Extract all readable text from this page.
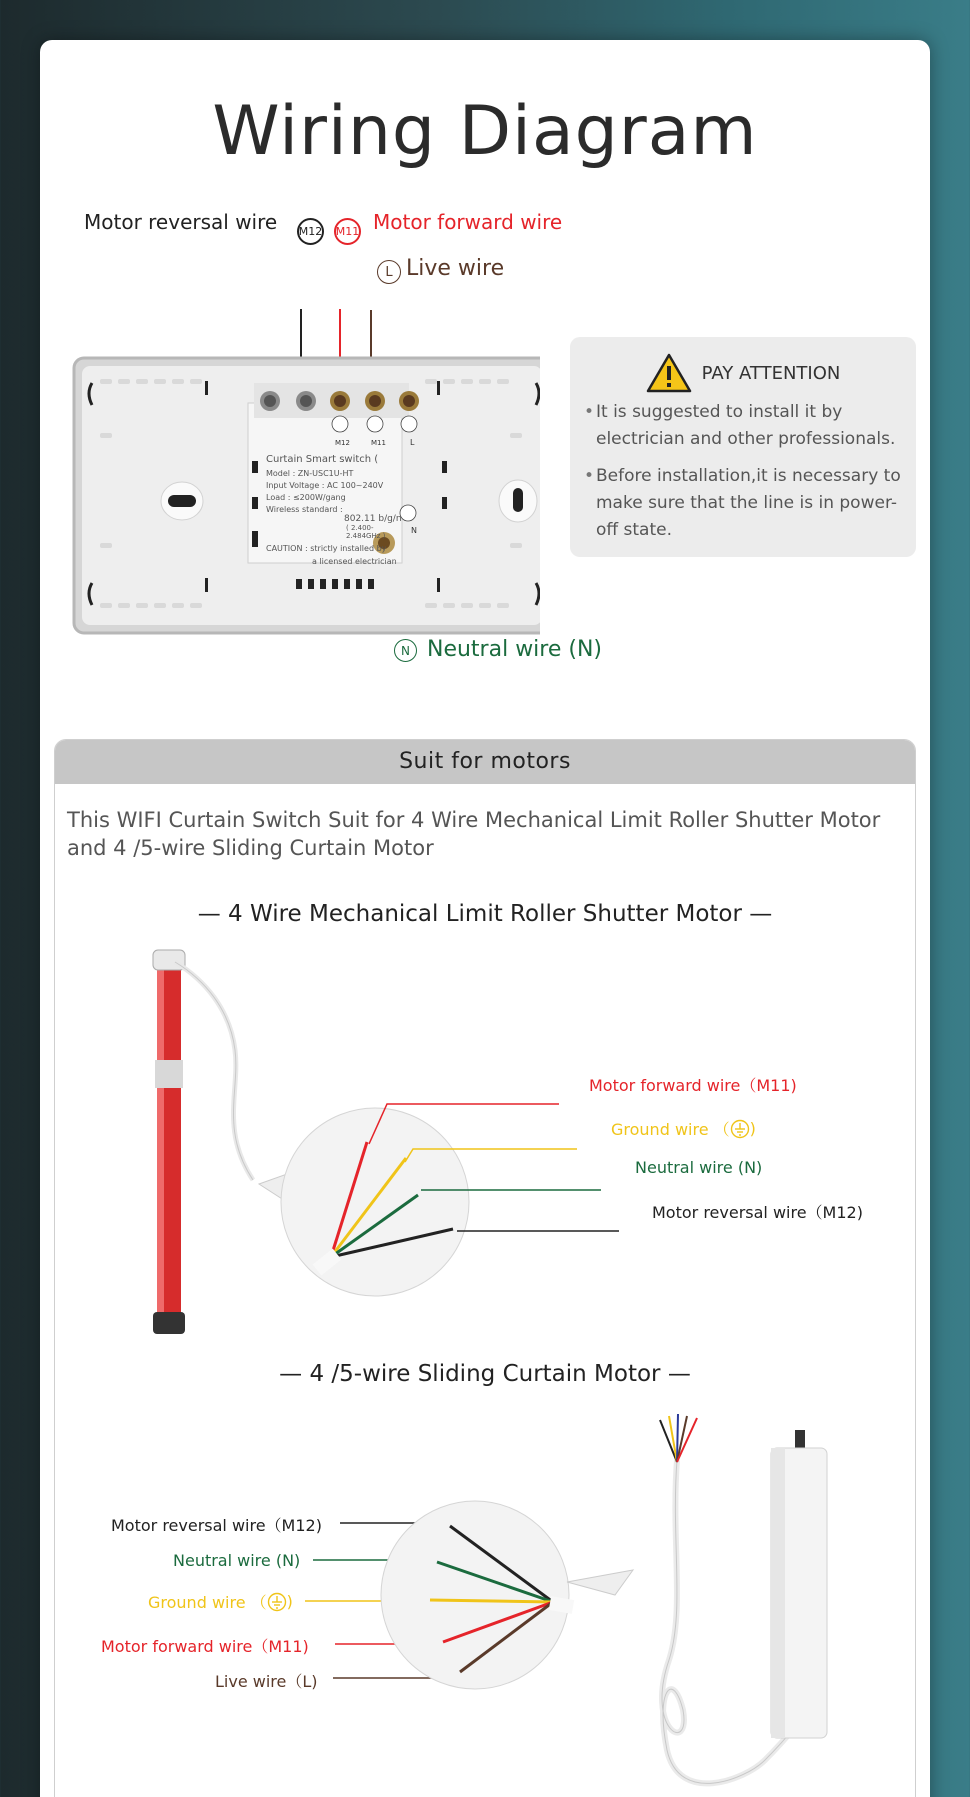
Wiring Diagram
Motor reversal wire M12 M11 Motor forward wire
L Live wire
Curtain Smart switch (
Model : ZN-USC1U-HT
Input Voltage : AC 100~240V
Load : ≤200W/gang
Wireless standard :
802.11 b/g/n
( 2.400-2.484GHz )
CAUTION : strictly installed by
a licensed electrician
M12	M11	L
N
N Neutral wire (N)
PAY ATTENTION
• It is suggested to install it by electrician and other professionals.
• Before installation,it is necessary to make sure that the line is in power-off state.
Suit for motors
This WIFI Curtain Switch Suit for 4 Wire Mechanical Limit Roller Shutter Motor and 4 /5-wire Sliding Curtain Motor
— 4 Wire Mechanical Limit Roller Shutter Motor —
Motor forward wire（M11)
Ground wire （ )
Neutral wire (N)
Motor reversal wire（M12)
— 4 /5-wire Sliding Curtain Motor —
Motor reversal wire（M12)
Neutral wire (N)
Ground wire （ )
Motor forward wire（M11)
Live wire（L)
